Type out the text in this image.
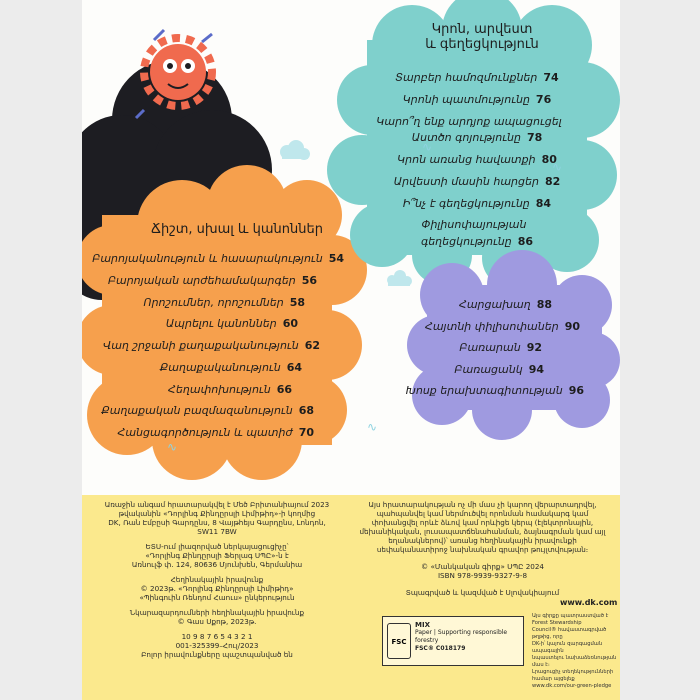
∿
∿
∿
∿
Կրոն, արվեստ
և գեղեցկություն
Տարբեր համոզմունքներ 74
Կրոնի պատմությունը 76
Կարո՞ղ ենք արդյոք ապացուցել
Աստծո գոյությունը 78
Կրոն առանց հավատքի 80
Արվեստի մասին հարցեր 82
Ի՞նչ է գեղեցկությունը 84
Փիլիսոփայության
գեղեցկությունը 86
Ճիշտ, սխալ և կանոններ
Բարոյականություն և հասարակություն 54
Բարոյական արժեհամակարգեր 56
Որոշումներ, որոշումներ 58
Ապրելու կանոններ 60
Վաղ շրջանի քաղաքականություն 62
Քաղաքականություն 64
Հեղափոխություն 66
Քաղաքական բազմազանություն 68
Հանցագործություն և պատիժ 70
Հարցախաղ 88
Հայտնի փիլիսոփաներ 90
Բառարան 92
Բառացանկ 94
Խոսք երախտագիտության 96
Առաջին անգամ հրատարակվել է Մեծ Բրիտանիայում 2023
թվականին «Դորլինգ Քինդըրսլի Լիմիթիդ»-ի կողմից
DK, Ռան Էմբըսի Գարդընս, 8 Վայթհեյս Գարդընս, Լոնդոն,
SW11 7BW
ԵՏՍ-ում լիազորված ներկայացուցիչը՝
«Դորլինգ Քինդըրսլի Ֆերլագ ՍՊԸ»-ն է
Առնուլֆ փ. 124, 80636 Մյունխեն, Գերմանիա
Հեղինակային իրավունք
© 2023թ. «Դորլինգ Քինդըրսլի Լիմիթիդ»
«Պինգուին Ռենդոմ Հաուս» ընկերություն
Նկարազարդումների հեղինակային իրավունք
© Գաս Սքոթ, 2023թ.
10 9 8 7 6 5 4 3 2 1
001-325399–Հուլ/2023
Բոլոր իրավունքները պաշտպանված են
Այս հրատարակության ոչ մի մաս չի կարող վերարտադրվել,
պահպանվել կամ ներմուծվել որոնման համակարգ կամ
փոխանցվել որևէ ձևով կամ որևիցե կերպ (էլեկտրոնային,
մեխանիկական, լուսապատճենահանման, ձայնագրման կամ այլ
եղանակներով)՝ առանց հեղինակային իրավունքի
սեփականատիրոջ նախնական գրավոր թույլտվության։
© «Մանկական գիրք» ՍՊԸ 2024
ISBN 978-9939-9327-9-8
Տպագրված և կազմված է Սլովակիայում
www.dk.com
FSC
MIX
Paper | Supporting responsible forestry
FSC® C018179
Այս գիրքը պատրաստված է Forest Stewardship
Council® հավաստագրված թղթից, որը
DK-ի՝ կայուն զարգացման ապագային
նպաստելու նախաձեռնության մաս է։
Լրացուցիչ տեղեկությունների համար այցելեք
www.dk.com/our-green-pledge
